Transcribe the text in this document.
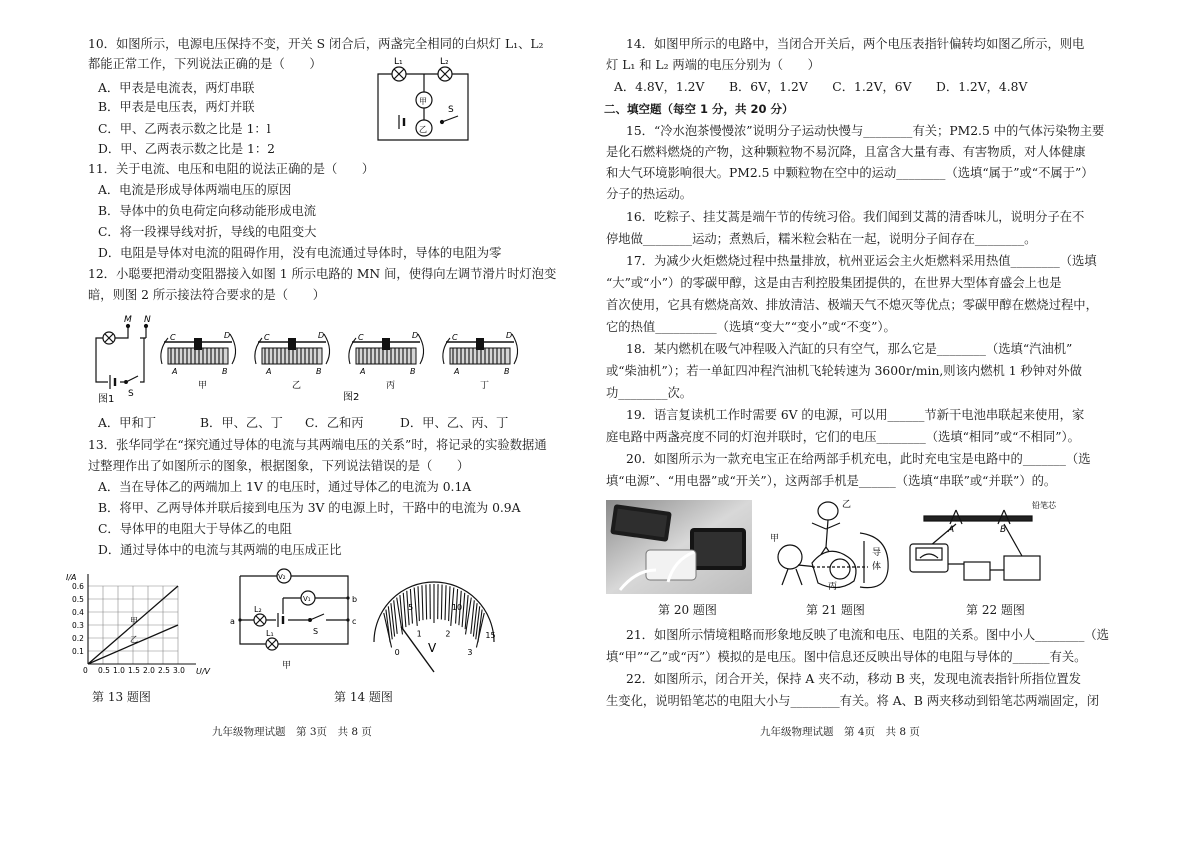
10．如图所示，电源电压保持不变，开关 S 闭合后，两盏完全相同的白炽灯 L₁、L₂
都能正常工作，下列说法正确的是（　　）
A．甲表是电流表，两灯串联
B．甲表是电压表，两灯并联
C．甲、乙两表示数之比是 1：l
D．甲、乙两表示数之比是 1：2
L₁	L₂
甲
乙
S
11．关于电流、电压和电阻的说法正确的是（　　）
A．电流是形成导体两端电压的原因
B．导体中的负电荷定向移动能形成电流
C．将一段裸导线对折，导线的电阻变大
D．电阻是导体对电流的阻碍作用，没有电流通过导体时，导体的电阻为零
12．小聪要把滑动变阻器接入如图 1 所示电路的 MN 间，使得向左调节滑片时灯泡变
暗，则图 2 所示接法符合要求的是（　　）
M N
S
图1
C	D
A	B
甲
C	D
A	B
乙
C	D
A	B
丙
C	D
A	B
丁
图2
A．甲和丁	B．甲、乙、丁 C．乙和丙	D．甲、乙、丙、丁
13．张华同学在“探究通过导体的电流与其两端电压的关系”时，将记录的实验数据通
过整理作出了如图所示的图象，根据图象，下列说法错误的是（　　）
A．当在导体乙的两端加上 1V 的电压时，通过导体乙的电流为 0.1A
B．将甲、乙两导体并联后接到电压为 3V 的电源上时，干路中的电流为 0.9A
C．导体甲的电阻大于导体乙的电阻
D．通过导体中的电流与其两端的电压成正比
0 0.5 1.0 1.5 2.0 2.5 3.0
0.1
0.2
0.3
0.4
0.5
0.6
U/V
I/A
甲
乙
第 13 题图
V₂
V₁
L₂
L₁	S
a
b
c
甲
第 14 题图
5	10
15
0
1	2
3
V
九年级物理试题　第 3页　共 8 页
14．如图甲所示的电路中，当闭合开关后，两个电压表指针偏转均如图乙所示，则电
灯 L₁ 和 L₂ 两端的电压分别为（　　）
A．4.8V，1.2V　　B．6V，1.2V　　C．1.2V，6V　　D．1.2V，4.8V
二、填空题（每空 1 分，共 20 分）
15．“冷水泡茶慢慢浓”说明分子运动快慢与________有关；PM2.5 中的气体污染物主要
是化石燃料燃烧的产物，这种颗粒物不易沉降，且富含大量有毒、有害物质，对人体健康
和大气环境影响很大。PM2.5 中颗粒物在空中的运动________（选填“属于”或“不属于”）
分子的热运动。
16．吃粽子、挂艾蒿是端午节的传统习俗。我们闻到艾蒿的清香味儿，说明分子在不
停地做________运动；煮熟后，糯米粒会粘在一起，说明分子间存在________。
17．为减少火炬燃烧过程中热量排放，杭州亚运会主火炬燃料采用热值________（选填
“大”或“小”）的零碳甲醇，这是由吉利控股集团提供的，在世界大型体育盛会上也是
首次使用，它具有燃烧高效、排放清洁、极端天气不熄灭等优点；零碳甲醇在燃烧过程中，
它的热值__________（选填“变大”“变小”或“不变”）。
18．某内燃机在吸气冲程吸入汽缸的只有空气，那么它是________（选填“汽油机”
或“柴油机”）；若一单缸四冲程汽油机飞轮转速为 3600r/min,则该内燃机 1 秒钟对外做
功________次。
19．语言复读机工作时需要 6V 的电源，可以用______节新干电池串联起来使用，家
庭电路中两盏亮度不同的灯泡并联时，它们的电压________（选填“相同”或“不相同”）。
20．如图所示为一款充电宝正在给两部手机充电，此时充电宝是电路中的_______（选
填“电源”、“用电器”或“开关”），这两部手机是______（选填“串联”或“并联”）的。
第 20 题图
乙
甲
丙
导
体
第 21 题图
铅笔芯
A	B
第 22 题图
21．如图所示情境粗略而形象地反映了电流和电压、电阻的关系。图中小人________（选
填“甲”“乙”或“丙”）模拟的是电压。图中信息还反映出导体的电阻与导体的______有关。
22．如图所示，闭合开关，保持 A 夹不动，移动 B 夹，发现电流表指针所指位置发
生变化，说明铅笔芯的电阻大小与________有关。将 A、B 两夹移动到铅笔芯两端固定，闭
九年级物理试题　第 4页　共 8 页
